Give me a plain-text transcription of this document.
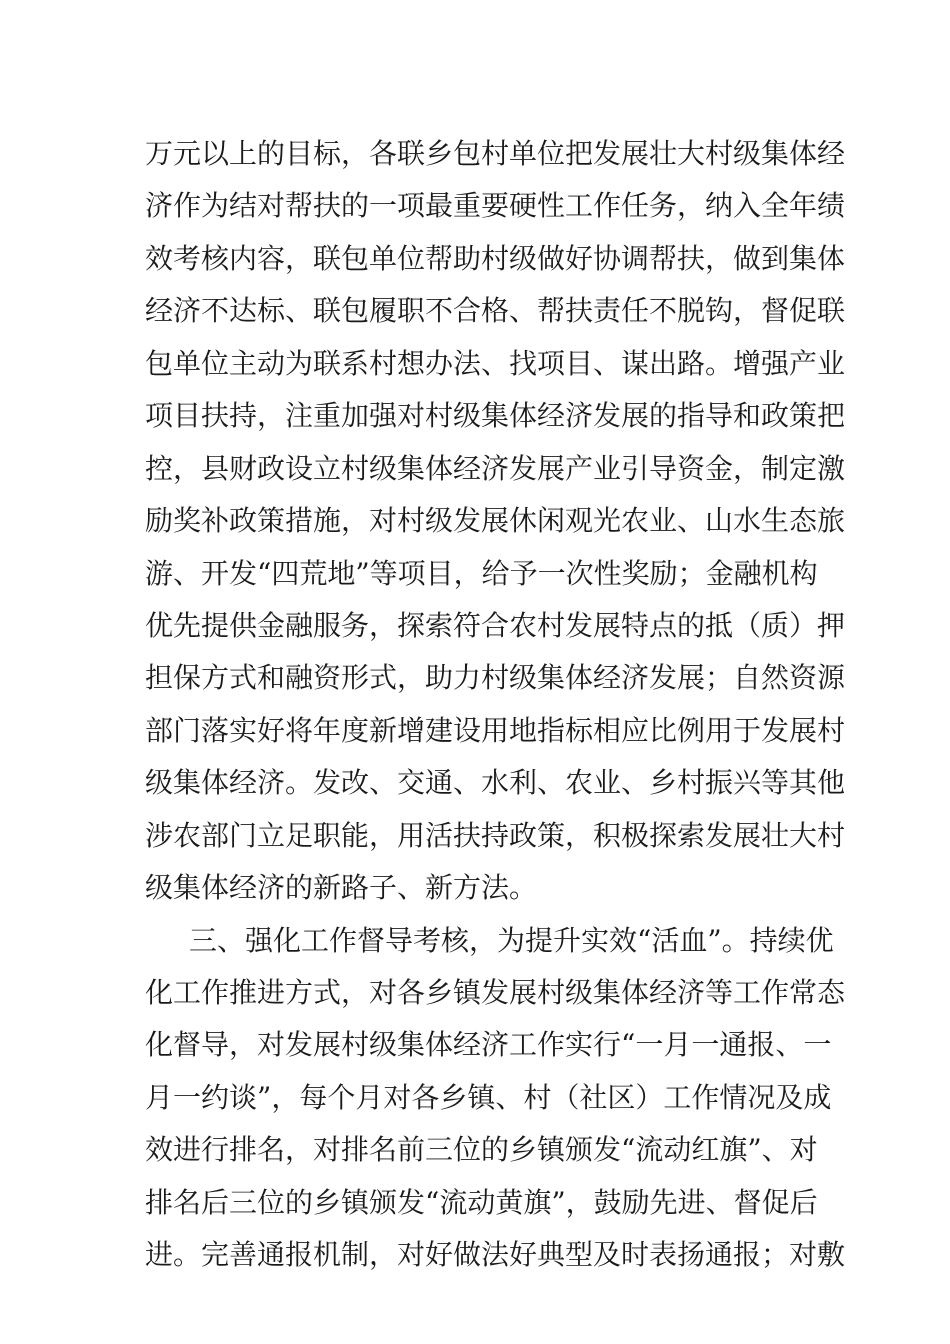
万元以上的目标，各联乡包村单位把发展壮大村级集体经
济作为结对帮扶的一项最重要硬性工作任务，纳入全年绩
效考核内容，联包单位帮助村级做好协调帮扶，做到集体
经济不达标、联包履职不合格、帮扶责任不脱钩，督促联
包单位主动为联系村想办法、找项目、谋出路。增强产业
项目扶持，注重加强对村级集体经济发展的指导和政策把
控，县财政设立村级集体经济发展产业引导资金，制定激
励奖补政策措施，对村级发展休闲观光农业、山水生态旅
游、开发“四荒地”等项目，给予一次性奖励；金融机构
优先提供金融服务，探索符合农村发展特点的抵（质）押
担保方式和融资形式，助力村级集体经济发展；自然资源
部门落实好将年度新增建设用地指标相应比例用于发展村
级集体经济。发改、交通、水利、农业、乡村振兴等其他
涉农部门立足职能，用活扶持政策，积极探索发展壮大村
级集体经济的新路子、新方法。
三、强化工作督导考核，为提升实效“活血”。持续优
化工作推进方式，对各乡镇发展村级集体经济等工作常态
化督导，对发展村级集体经济工作实行“一月一通报、一
月一约谈”，每个月对各乡镇、村（社区）工作情况及成
效进行排名，对排名前三位的乡镇颁发“流动红旗”、对
排名后三位的乡镇颁发“流动黄旗”，鼓励先进、督促后
进。完善通报机制，对好做法好典型及时表扬通报；对敷
